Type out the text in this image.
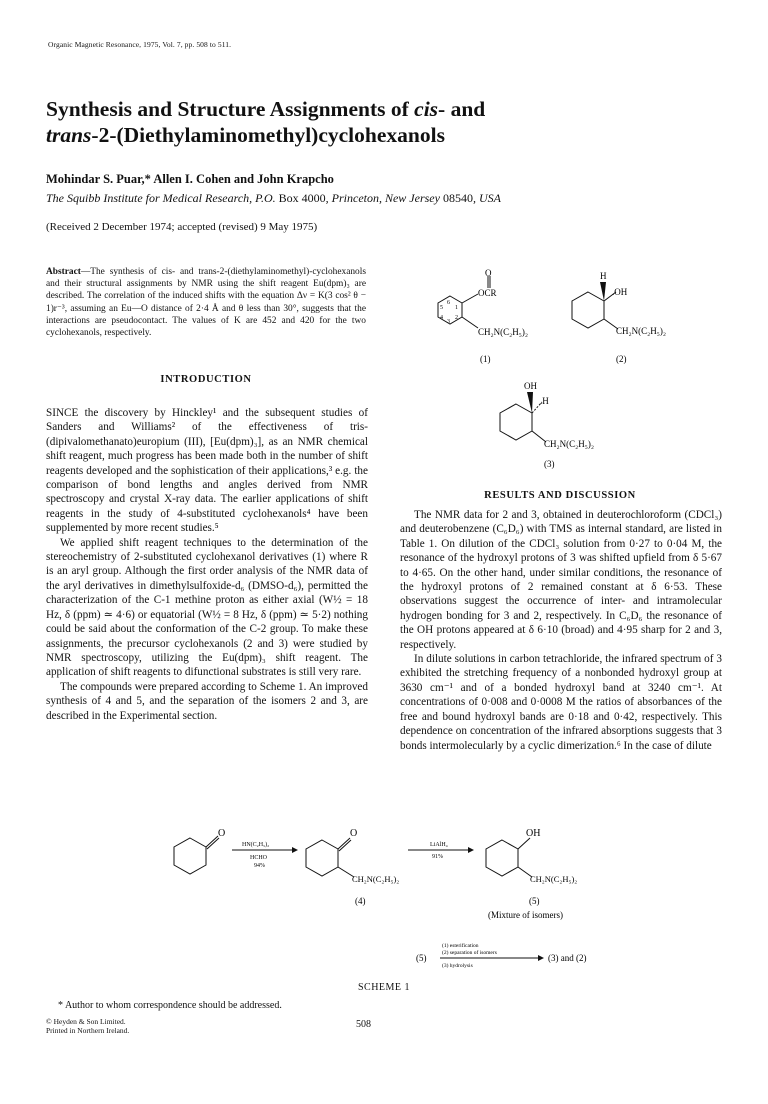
Organic Magnetic Resonance, 1975, Vol. 7, pp. 508 to 511.
Synthesis and Structure Assignments of cis- and
trans-2-(Diethylaminomethyl)cyclohexanols
Mohindar S. Puar,* Allen I. Cohen and John Krapcho
The Squibb Institute for Medical Research, P.O. Box 4000, Princeton, New Jersey 08540, USA
(Received 2 December 1974; accepted (revised) 9 May 1975)
Abstract—The synthesis of cis- and trans-2-(diethylaminomethyl)-cyclohexanols and their structural assignments by NMR using the shift reagent Eu(dpm)₃ are described. The correlation of the induced shifts with the equation Δν = K(3 cos² θ − 1)r⁻³, assuming an Eu—O distance of 2·4 Å and θ less than 30°, suggests that the interactions are pseudocontact. The values of K are 452 and 420 for the two cyclohexanols, respectively.
INTRODUCTION

SINCE the discovery by Hinckley¹ and the subsequent studies of Sanders and Williams² of the effectiveness of tris-(dipivalomethanato)europium (III), [Eu(dpm)₃], as an NMR chemical shift reagent, much progress has been made both in the number of shift reagents developed and the sophistication of their applications,³ e.g. the comparison of bond lengths and angles derived from NMR spectroscopy and crystal X-ray data. The earlier applications of shift reagents in the study of 4-substituted cyclohexanols⁴ have been supplemented by more recent studies.⁵

We applied shift reagent techniques to the determination of the stereochemistry of 2-substituted cyclohexanol derivatives (1) where R is an aryl group. Although the first order analysis of the NMR data of the aryl derivatives in dimethylsulfoxide-d₆ (DMSO-d₆), permitted the characterization of the C-1 methine proton as either axial (W½ = 18 Hz, δ (ppm) ≃ 4·6) or equatorial (W½ = 8 Hz, δ (ppm) ≃ 5·2) nothing could be said about the conformation of the C-2 group. To make these assignments, the precursor cyclohexanols (2 and 3) were studied by NMR spectroscopy, utilizing the Eu(dpm)₃ shift reagent. The application of shift reagents to difunctional substrates is still very rare.

The compounds were prepared according to Scheme 1. An improved synthesis of 4 and 5, and the separation of the isomers 2 and 3, are described in the Experimental section.

O
OCR
6
1
5
2
4
3
CH₂N(C₂H₅)₂
(1)
H
.OH
CH₂N(C₂H₅)₂
(2)
OH
.H
CH₂N(C₂H₅)₂
(3)
RESULTS AND DISCUSSION

The NMR data for 2 and 3, obtained in deuterochloroform (CDCl₃) and deuterobenzene (C₆D₆) with TMS as internal standard, are listed in Table 1. On dilution of the CDCl₃ solution from 0·27 to 0·04 M, the resonance of the hydroxyl protons of 3 was shifted upfield from δ 5·67 to 4·65. On the other hand, under similar conditions, the resonance of the hydroxyl protons of 2 remained constant at δ 6·53. These observations suggest the occurrence of inter- and intramolecular hydrogen bonding for 3 and 2, respectively. In C₆D₆ the resonance of the OH protons appeared at δ 6·10 (broad) and 4·95 sharp for 2 and 3, respectively.

In dilute solutions in carbon tetrachloride, the infrared spectrum of 3 exhibited the stretching frequency of a nonbonded hydroxyl group at 3630 cm⁻¹ and of a bonded hydroxyl band at 3240 cm⁻¹. At concentrations of 0·008 and 0·0008 M the ratios of absorbances of the free and bound hydroxyl bands are 0·18 and 0·42, respectively. This dependence on concentration of the infrared absorptions suggests that 3 bonds intermolecularly by a cyclic dimerization.⁶ In the case of dilute

O
HN(C₂H₅)₂
HCHO
94%
O
CH₂N(C₂H₅)₂
(4)
LiAlH₄
91%
OH
CH₂N(C₂H₅)₂
(5)
(Mixture of isomers)
(5)
(1) esterification
(2) separation of isomers
(3) hydrolysis
(3) and (2)
SCHEME 1
* Author to whom correspondence should be addressed.
© Heyden & Son Limited.
Printed in Northern Ireland.
508
